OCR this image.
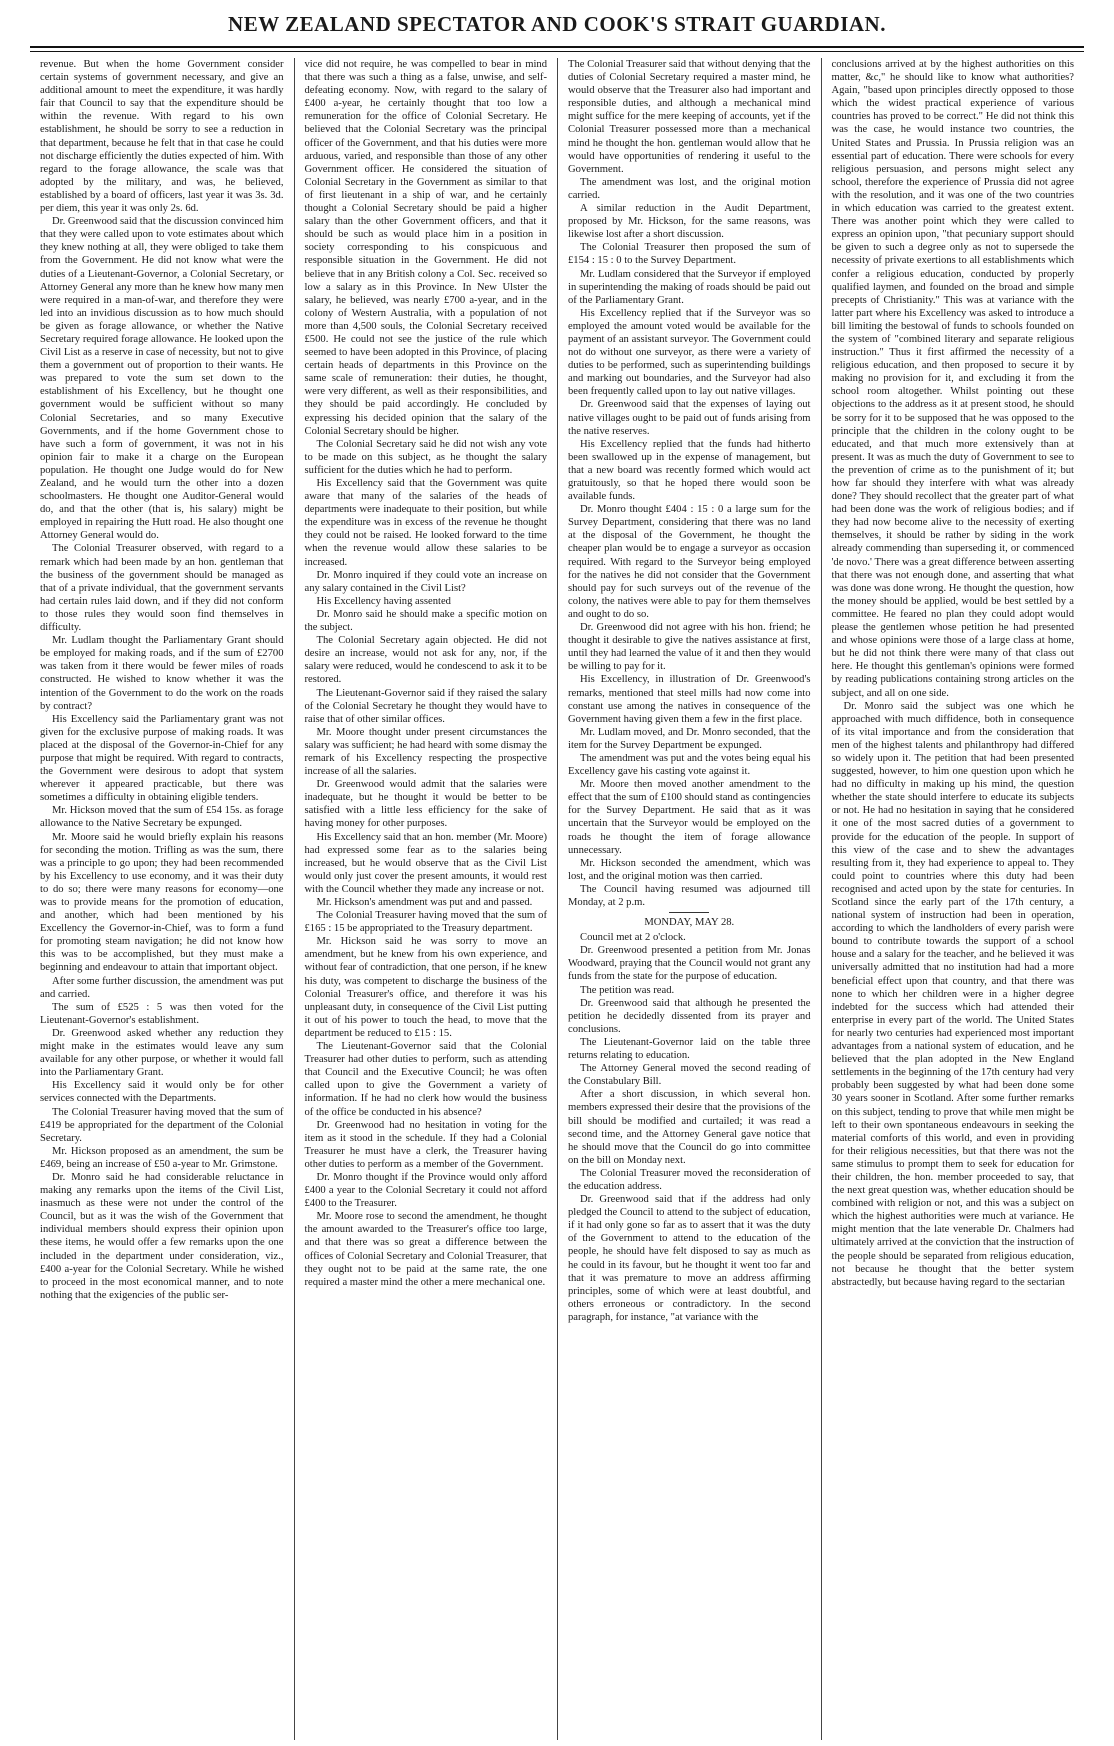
NEW ZEALAND SPECTATOR AND COOK'S STRAIT GUARDIAN.

revenue. But when the home Government consider certain systems of government necessary, and give an additional amount to meet the expenditure, it was hardly fair that Council to say that the expenditure should be within the revenue. With regard to his own establishment, he should be sorry to see a reduction in that department, because he felt that in that case he could not discharge efficiently the duties expected of him. With regard to the forage allowance, the scale was that adopted by the military, and was, he believed, established by a board of officers, last year it was 3s. 3d. per diem, this year it was only 2s. 6d.

Dr. Greenwood said that the discussion convinced him that they were called upon to vote estimates about which they knew nothing at all, they were obliged to take them from the Government. He did not know what were the duties of a Lieutenant-Governor, a Colonial Secretary, or Attorney General any more than he knew how many men were required in a man-of-war, and therefore they were led into an invidious discussion as to how much should be given as forage allowance, or whether the Native Secretary required forage allowance. He looked upon the Civil List as a reserve in case of necessity, but not to give them a government out of proportion to their wants. He was prepared to vote the sum set down to the establishment of his Excellency, but he thought one government would be sufficient without so many Colonial Secretaries, and so many Executive Governments, and if the home Government chose to have such a form of government, it was not in his opinion fair to make it a charge on the European population. He thought one Judge would do for New Zealand, and he would turn the other into a dozen schoolmasters. He thought one Auditor-General would do, and that the other (that is, his salary) might be employed in repairing the Hutt road. He also thought one Attorney General would do.

The Colonial Treasurer observed, with regard to a remark which had been made by an hon. gentleman that the business of the government should be managed as that of a private individual, that the government servants had certain rules laid down, and if they did not conform to those rules they would soon find themselves in difficulty.

Mr. Ludlam thought the Parliamentary Grant should be employed for making roads, and if the sum of £2700 was taken from it there would be fewer miles of roads constructed. He wished to know whether it was the intention of the Government to do the work on the roads by contract?

His Excellency said the Parliamentary grant was not given for the exclusive purpose of making roads. It was placed at the disposal of the Governor-in-Chief for any purpose that might be required. With regard to contracts, the Government were desirous to adopt that system wherever it appeared practicable, but there was sometimes a difficulty in obtaining eligible tenders.

Mr. Hickson moved that the sum of £54 15s. as forage allowance to the Native Secretary be expunged.

Mr. Moore said he would briefly explain his reasons for seconding the motion. Trifling as was the sum, there was a principle to go upon; they had been recommended by his Excellency to use economy, and it was their duty to do so; there were many reasons for economy—one was to provide means for the promotion of education, and another, which had been mentioned by his Excellency the Governor-in-Chief, was to form a fund for promoting steam navigation; he did not know how this was to be accomplished, but they must make a beginning and endeavour to attain that important object.

After some further discussion, the amendment was put and carried.

The sum of £525 : 5 was then voted for the Lieutenant-Governor's establishment.

Dr. Greenwood asked whether any reduction they might make in the estimates would leave any sum available for any other purpose, or whether it would fall into the Parliamentary Grant.

His Excellency said it would only be for other services connected with the Departments.

The Colonial Treasurer having moved that the sum of £419 be appropriated for the department of the Colonial Secretary.

Mr. Hickson proposed as an amendment, the sum be £469, being an increase of £50 a-year to Mr. Grimstone.

Dr. Monro said he had considerable reluctance in making any remarks upon the items of the Civil List, inasmuch as these were not under the control of the Council, but as it was the wish of the Government that individual members should express their opinion upon these items, he would offer a few remarks upon the one included in the department under consideration, viz., £400 a-year for the Colonial Secretary. While he wished to proceed in the most economical manner, and to note nothing that the exigencies of the public ser-

vice did not require, he was compelled to bear in mind that there was such a thing as a false, unwise, and self-defeating economy. Now, with regard to the salary of £400 a-year, he certainly thought that too low a remuneration for the office of Colonial Secretary. He believed that the Colonial Secretary was the principal officer of the Government, and that his duties were more arduous, varied, and responsible than those of any other Government officer. He considered the situation of Colonial Secretary in the Government as similar to that of first lieutenant in a ship of war, and he certainly thought a Colonial Secretary should be paid a higher salary than the other Government officers, and that it should be such as would place him in a position in society corresponding to his conspicuous and responsible situation in the Government. He did not believe that in any British colony a Col. Sec. received so low a salary as in this Province. In New Ulster the salary, he believed, was nearly £700 a-year, and in the colony of Western Australia, with a population of not more than 4,500 souls, the Colonial Secretary received £500. He could not see the justice of the rule which seemed to have been adopted in this Province, of placing certain heads of departments in this Province on the same scale of remuneration: their duties, he thought, were very different, as well as their responsibilities, and they should be paid accordingly. He concluded by expressing his decided opinion that the salary of the Colonial Secretary should be higher.

The Colonial Secretary said he did not wish any vote to be made on this subject, as he thought the salary sufficient for the duties which he had to perform.

His Excellency said that the Government was quite aware that many of the salaries of the heads of departments were inadequate to their position, but while the expenditure was in excess of the revenue he thought they could not be raised. He looked forward to the time when the revenue would allow these salaries to be increased.

Dr. Monro inquired if they could vote an increase on any salary contained in the Civil List?

His Excellency having assented

Dr. Monro said he should make a specific motion on the subject.

The Colonial Secretary again objected. He did not desire an increase, would not ask for any, nor, if the salary were reduced, would he condescend to ask it to be restored.

The Lieutenant-Governor said if they raised the salary of the Colonial Secretary he thought they would have to raise that of other similar offices.

Mr. Moore thought under present circumstances the salary was sufficient; he had heard with some dismay the remark of his Excellency respecting the prospective increase of all the salaries.

Dr. Greenwood would admit that the salaries were inadequate, but he thought it would be better to be satisfied with a little less efficiency for the sake of having money for other purposes.

His Excellency said that an hon. member (Mr. Moore) had expressed some fear as to the salaries being increased, but he would observe that as the Civil List would only just cover the present amounts, it would rest with the Council whether they made any increase or not.

Mr. Hickson's amendment was put and and passed.

The Colonial Treasurer having moved that the sum of £165 : 15 be appropriated to the Treasury department.

Mr. Hickson said he was sorry to move an amendment, but he knew from his own experience, and without fear of contradiction, that one person, if he knew his duty, was competent to discharge the business of the Colonial Treasurer's office, and therefore it was his unpleasant duty, in consequence of the Civil List putting it out of his power to touch the head, to move that the department be reduced to £15 : 15.

The Lieutenant-Governor said that the Colonial Treasurer had other duties to perform, such as attending that Council and the Executive Council; he was often called upon to give the Government a variety of information. If he had no clerk how would the business of the office be conducted in his absence?

Dr. Greenwood had no hesitation in voting for the item as it stood in the schedule. If they had a Colonial Treasurer he must have a clerk, the Treasurer having other duties to perform as a member of the Government.

Dr. Monro thought if the Province would only afford £400 a year to the Colonial Secretary it could not afford £400 to the Treasurer.

Mr. Moore rose to second the amendment, he thought the amount awarded to the Treasurer's office too large, and that there was so great a difference between the offices of Colonial Secretary and Colonial Treasurer, that they ought not to be paid at the same rate, the one required a master mind the other a mere mechanical one.

The Colonial Treasurer said that without denying that the duties of Colonial Secretary required a master mind, he would observe that the Treasurer also had important and responsible duties, and although a mechanical mind might suffice for the mere keeping of accounts, yet if the Colonial Treasurer possessed more than a mechanical mind he thought the hon. gentleman would allow that he would have opportunities of rendering it useful to the Government.

The amendment was lost, and the original motion carried.

A similar reduction in the Audit Department, proposed by Mr. Hickson, for the same reasons, was likewise lost after a short discussion.

The Colonial Treasurer then proposed the sum of £154 : 15 : 0 to the Survey Department.

Mr. Ludlam considered that the Surveyor if employed in superintending the making of roads should be paid out of the Parliamentary Grant.

His Excellency replied that if the Surveyor was so employed the amount voted would be available for the payment of an assistant surveyor. The Government could not do without one surveyor, as there were a variety of duties to be performed, such as superintending buildings and marking out boundaries, and the Surveyor had also been frequently called upon to lay out native villages.

Dr. Greenwood said that the expenses of laying out native villages ought to be paid out of funds arising from the native reserves.

His Excellency replied that the funds had hitherto been swallowed up in the expense of management, but that a new board was recently formed which would act gratuitously, so that he hoped there would soon be available funds.

Dr. Monro thought £404 : 15 : 0 a large sum for the Survey Department, considering that there was no land at the disposal of the Government, he thought the cheaper plan would be to engage a surveyor as occasion required. With regard to the Surveyor being employed for the natives he did not consider that the Government should pay for such surveys out of the revenue of the colony, the natives were able to pay for them themselves and ought to do so.

Dr. Greenwood did not agree with his hon. friend; he thought it desirable to give the natives assistance at first, until they had learned the value of it and then they would be willing to pay for it.

His Excellency, in illustration of Dr. Greenwood's remarks, mentioned that steel mills had now come into constant use among the natives in consequence of the Government having given them a few in the first place.

Mr. Ludlam moved, and Dr. Monro seconded, that the item for the Survey Department be expunged.

The amendment was put and the votes being equal his Excellency gave his casting vote against it.

Mr. Moore then moved another amendment to the effect that the sum of £100 should stand as contingencies for the Survey Department. He said that as it was uncertain that the Surveyor would be employed on the roads he thought the item of forage allowance unnecessary.

Mr. Hickson seconded the amendment, which was lost, and the original motion was then carried.

The Council having resumed was adjourned till Monday, at 2 p.m.

MONDAY, MAY 28.

Council met at 2 o'clock.

Dr. Greenwood presented a petition from Mr. Jonas Woodward, praying that the Council would not grant any funds from the state for the purpose of education.

The petition was read.

Dr. Greenwood said that although he presented the petition he decidedly dissented from its prayer and conclusions.

The Lieutenant-Governor laid on the table three returns relating to education.

The Attorney General moved the second reading of the Constabulary Bill.

After a short discussion, in which several hon. members expressed their desire that the provisions of the bill should be modified and curtailed; it was read a second time, and the Attorney General gave notice that he should move that the Council do go into committee on the bill on Monday next.

The Colonial Treasurer moved the reconsideration of the education address.

Dr. Greenwood said that if the address had only pledged the Council to attend to the subject of education, if it had only gone so far as to assert that it was the duty of the Government to attend to the education of the people, he should have felt disposed to say as much as he could in its favour, but he thought it went too far and that it was premature to move an address affirming principles, some of which were at least doubtful, and others erroneous or contradictory. In the second paragraph, for instance, "at variance with the

conclusions arrived at by the highest authorities on this matter, &c," he should like to know what authorities? Again, "based upon principles directly opposed to those which the widest practical experience of various countries has proved to be correct." He did not think this was the case, he would instance two countries, the United States and Prussia. In Prussia religion was an essential part of education. There were schools for every religious persuasion, and persons might select any school, therefore the experience of Prussia did not agree with the resolution, and it was one of the two countries in which education was carried to the greatest extent. There was another point which they were called to express an opinion upon, "that pecuniary support should be given to such a degree only as not to supersede the necessity of private exertions to all establishments which confer a religious education, conducted by properly qualified laymen, and founded on the broad and simple precepts of Christianity." This was at variance with the latter part where his Excellency was asked to introduce a bill limiting the bestowal of funds to schools founded on the system of "combined literary and separate religious instruction." Thus it first affirmed the necessity of a religious education, and then proposed to secure it by making no provision for it, and excluding it from the school room altogether. Whilst pointing out these objections to the address as it at present stood, he should be sorry for it to be supposed that he was opposed to the principle that the children in the colony ought to be educated, and that much more extensively than at present. It was as much the duty of Government to see to the prevention of crime as to the punishment of it; but how far should they interfere with what was already done? They should recollect that the greater part of what had been done was the work of religious bodies; and if they had now become alive to the necessity of exerting themselves, it should be rather by siding in the work already commending than superseding it, or commenced 'de novo.' There was a great difference between asserting that there was not enough done, and asserting that what was done was done wrong. He thought the question, how the money should be applied, would be best settled by a committee. He feared no plan they could adopt would please the gentlemen whose petition he had presented and whose opinions were those of a large class at home, but he did not think there were many of that class out here. He thought this gentleman's opinions were formed by reading publications containing strong articles on the subject, and all on one side.

Dr. Monro said the subject was one which he approached with much diffidence, both in consequence of its vital importance and from the consideration that men of the highest talents and philanthropy had differed so widely upon it. The petition that had been presented suggested, however, to him one question upon which he had no difficulty in making up his mind, the question whether the state should interfere to educate its subjects or not. He had no hesitation in saying that he considered it one of the most sacred duties of a government to provide for the education of the people. In support of this view of the case and to shew the advantages resulting from it, they had experience to appeal to. They could point to countries where this duty had been recognised and acted upon by the state for centuries. In Scotland since the early part of the 17th century, a national system of instruction had been in operation, according to which the landholders of every parish were bound to contribute towards the support of a school house and a salary for the teacher, and he believed it was universally admitted that no institution had had a more beneficial effect upon that country, and that there was none to which her children were in a higher degree indebted for the success which had attended their enterprise in every part of the world. The United States for nearly two centuries had experienced most important advantages from a national system of education, and he believed that the plan adopted in the New England settlements in the beginning of the 17th century had very probably been suggested by what had been done some 30 years sooner in Scotland. After some further remarks on this subject, tending to prove that while men might be left to their own spontaneous endeavours in seeking the material comforts of this world, and even in providing for their religious necessities, but that there was not the same stimulus to prompt them to seek for education for their children, the hon. member proceeded to say, that the next great question was, whether education should be combined with religion or not, and this was a subject on which the highest authorities were much at variance. He might mention that the late venerable Dr. Chalmers had ultimately arrived at the conviction that the instruction of the people should be separated from religious education, not because he thought that the better system abstractedly, but because having regard to the sectarian
